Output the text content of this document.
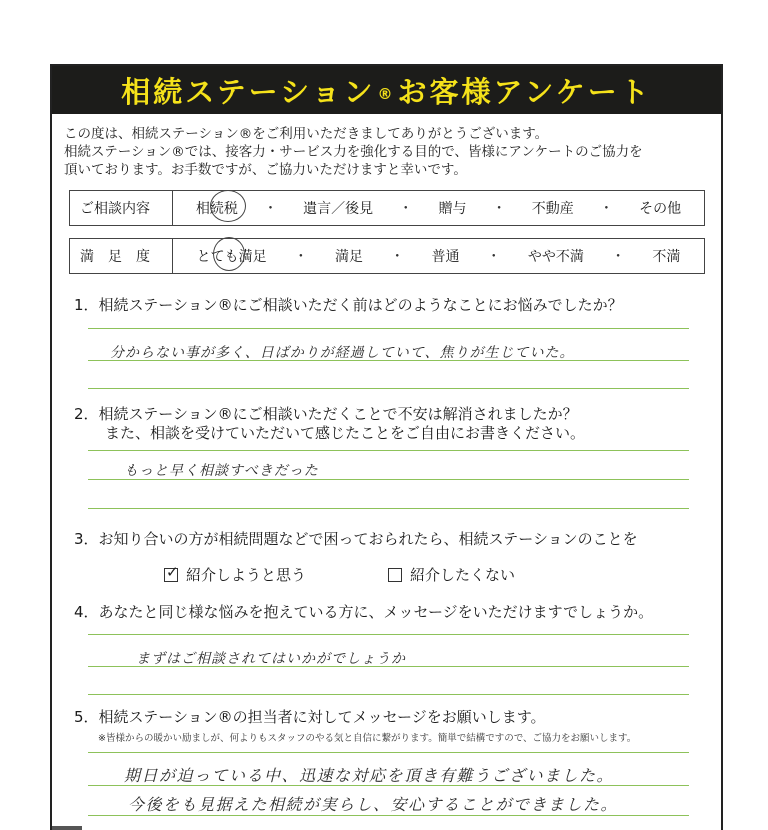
相続ステーション ®お客様アンケート
この度は、相続ステーション®をご利用いただきましてありがとうございます。
相続ステーション®では、接客力・サービス力を強化する目的で、皆様にアンケートのご協力を
頂いております。お手数ですが、ご協力いただけますと幸いです。
ご相談内容	相続税 ・ 遺言／後見 ・ 贈与 ・ 不動産 ・ その他
満　足　度	とても満足 ・ 満足 ・ 普通 ・ やや不満 ・ 不満
1．相続ステーション®にご相談いただく前はどのようなことにお悩みでしたか？
分からない事が多く、日ばかりが経過していて、焦りが生じていた。
2．相続ステーション®にご相談いただくことで不安は解消されましたか？
また、相談を受けていただいて感じたことをご自由にお書きください。
もっと早く相談すべきだった
3．お知り合いの方が相続問題などで困っておられたら、相続ステーションのことを
✓ 紹介しようと思う	紹介したくない
4．あなたと同じ様な悩みを抱えている方に、メッセージをいただけますでしょうか。
まずはご相談されてはいかがでしょうか
5．相続ステーション®の担当者に対してメッセージをお願いします。
※皆様からの暖かい励ましが、何よりもスタッフのやる気と自信に繋がります。簡単で結構ですので、ご協力をお願いします。
期日が迫っている中、迅速な対応を頂き有難うございました。
今後をも見据えた相続が実らし、安心することができました。
